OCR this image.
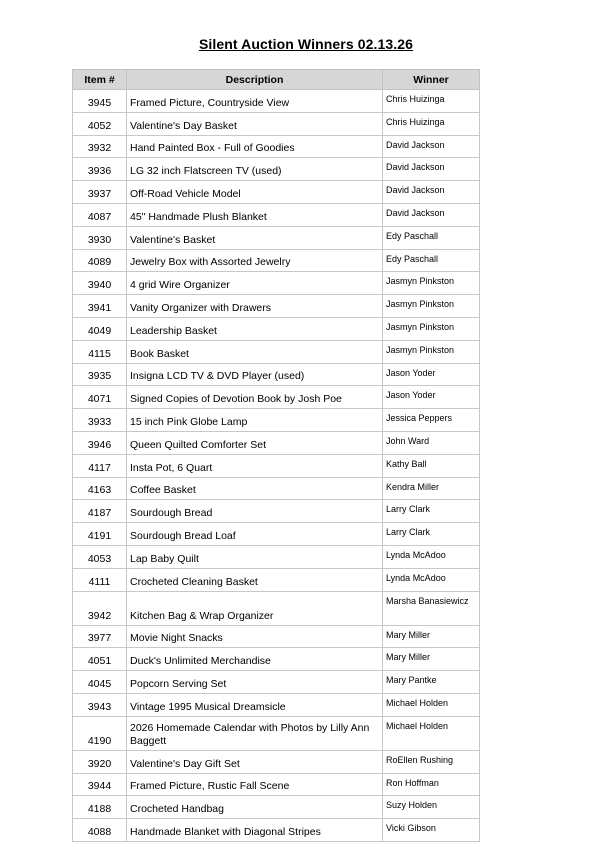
Silent Auction Winners 02.13.26
Item #	Description	Winner
3945	Framed Picture, Countryside View	Chris Huizinga
4052	Valentine's Day Basket	Chris Huizinga
3932	Hand Painted Box - Full of Goodies	David Jackson
3936	LG 32 inch Flatscreen TV (used)	David Jackson
3937	Off-Road Vehicle Model	David Jackson
4087	45" Handmade Plush Blanket	David Jackson
3930	Valentine's Basket	Edy Paschall
4089	Jewelry Box with Assorted Jewelry	Edy Paschall
3940	4 grid Wire Organizer	Jasmyn Pinkston
3941	Vanity Organizer with Drawers	Jasmyn Pinkston
4049	Leadership Basket	Jasmyn Pinkston
4115	Book Basket	Jasmyn Pinkston
3935	Insigna LCD TV & DVD Player (used)	Jason Yoder
4071	Signed Copies of Devotion Book by Josh Poe	Jason Yoder
3933	15 inch Pink Globe Lamp	Jessica Peppers
3946	Queen Quilted Comforter Set	John Ward
4117	Insta Pot, 6 Quart	Kathy Ball
4163	Coffee Basket	Kendra Miller
4187	Sourdough Bread	Larry Clark
4191	Sourdough Bread Loaf	Larry Clark
4053	Lap Baby Quilt	Lynda McAdoo
4111	Crocheted Cleaning Basket	Lynda McAdoo
3942	Kitchen Bag & Wrap Organizer	Marsha Banasiewicz
3977	Movie Night Snacks	Mary Miller
4051	Duck's Unlimited Merchandise	Mary Miller
4045	Popcorn Serving Set	Mary Pantke
3943	Vintage 1995 Musical Dreamsicle	Michael Holden
4190	2026 Homemade Calendar with Photos by Lilly Ann Baggett	Michael Holden
3920	Valentine's Day Gift Set	RoEllen Rushing
3944	Framed Picture, Rustic Fall Scene	Ron Hoffman
4188	Crocheted Handbag	Suzy Holden
4088	Handmade Blanket with Diagonal Stripes	Vicki Gibson
